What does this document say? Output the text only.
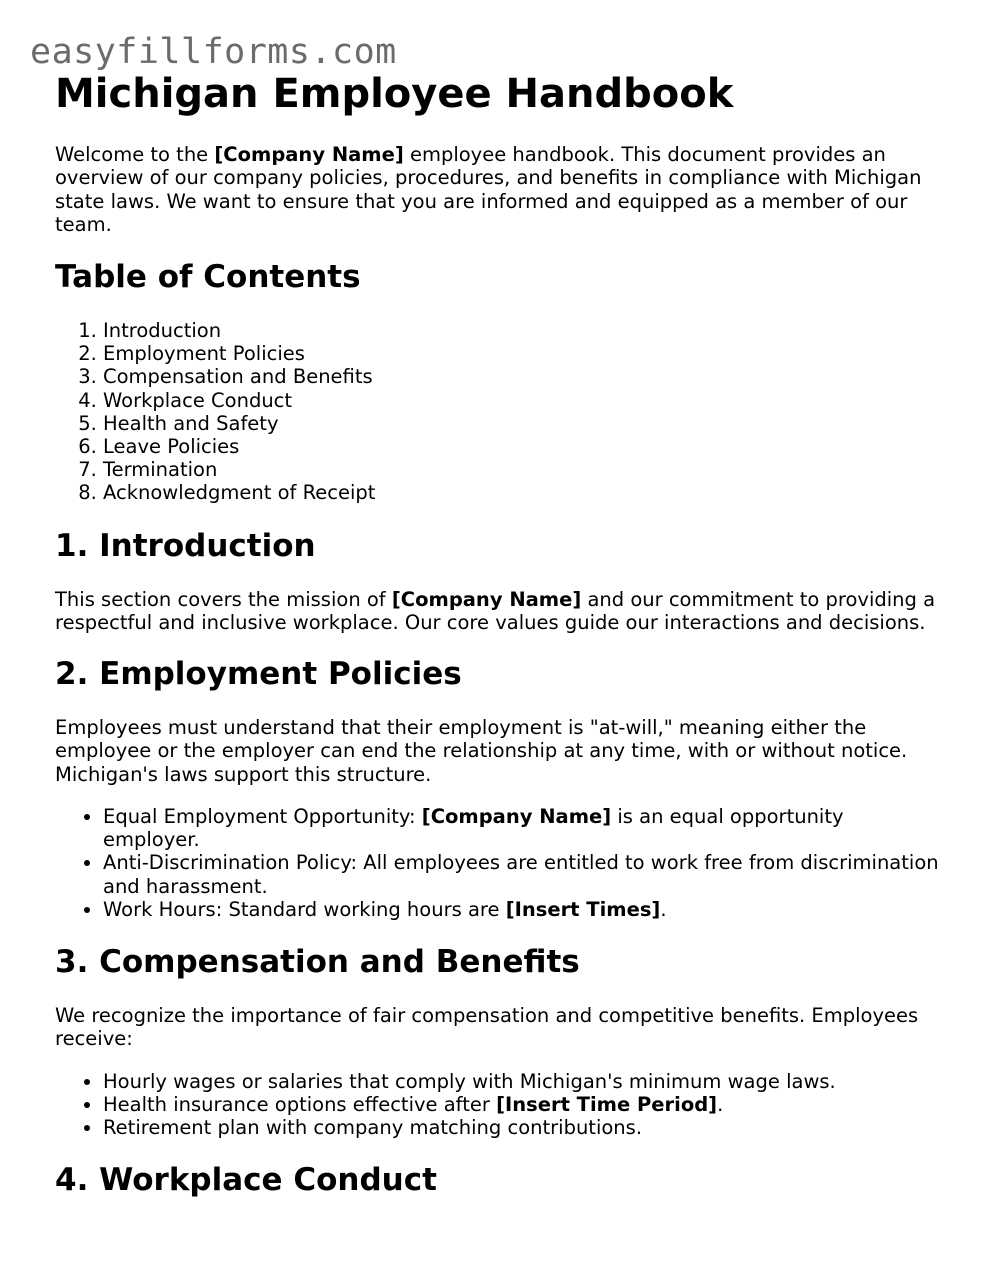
easyfillforms.com
Michigan Employee Handbook

Welcome to the [Company Name] employee handbook. This document provides an overview of our company policies, procedures, and benefits in compliance with Michigan state laws. We want to ensure that you are informed and equipped as a member of our team.

Table of Contents
1. Introduction
2. Employment Policies
3. Compensation and Benefits
4. Workplace Conduct
5. Health and Safety
6. Leave Policies
7. Termination
8. Acknowledgment of Receipt
1. Introduction

This section covers the mission of [Company Name] and our commitment to providing a respectful and inclusive workplace. Our core values guide our interactions and decisions.

2. Employment Policies

Employees must understand that their employment is "at-will," meaning either the employee or the employer can end the relationship at any time, with or without notice. Michigan's laws support this structure.

• Equal Employment Opportunity: [Company Name] is an equal opportunity employer.
• Anti-Discrimination Policy: All employees are entitled to work free from discrimination and harassment.
• Work Hours: Standard working hours are [Insert Times].
3. Compensation and Benefits

We recognize the importance of fair compensation and competitive benefits. Employees receive:

• Hourly wages or salaries that comply with Michigan's minimum wage laws.
• Health insurance options effective after [Insert Time Period].
• Retirement plan with company matching contributions.
4. Workplace Conduct
